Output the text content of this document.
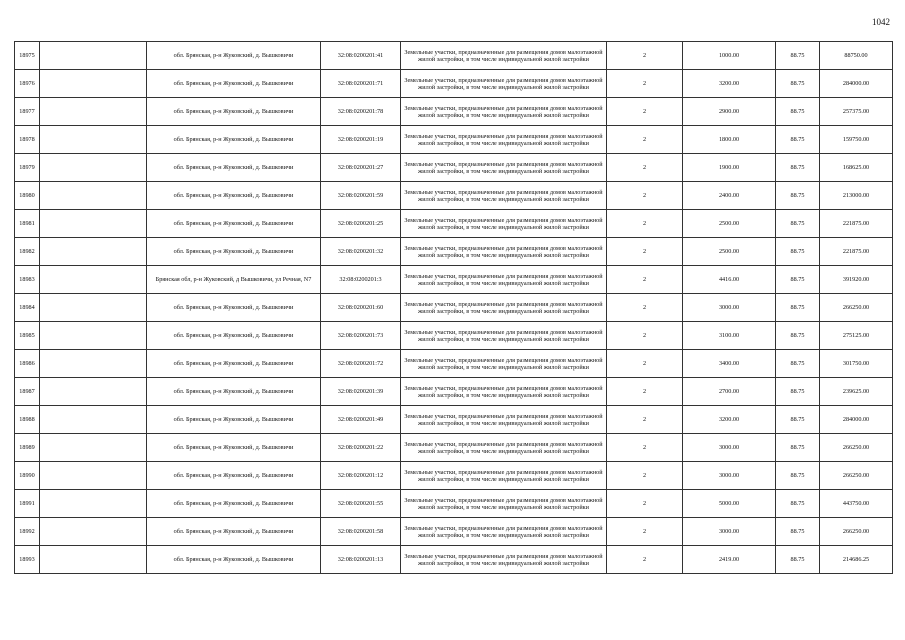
1042
18975		обл. Брянская, р-н Жуковский, д. Вышковичи	32:08:0200201:41	Земельные участки, предназначенные для размещения домов малоэтажной жилой застройки, в том числе индивидуальной жилой застройки	2	1000.00	88.75	88750.00
18976		обл. Брянская, р-н Жуковский, д. Вышковичи	32:08:0200201:71	Земельные участки, предназначенные для размещения домов малоэтажной жилой застройки, в том числе индивидуальной жилой застройки	2	3200.00	88.75	284000.00
18977		обл. Брянская, р-н Жуковский, д. Вышковичи	32:08:0200201:78	Земельные участки, предназначенные для размещения домов малоэтажной жилой застройки, в том числе индивидуальной жилой застройки	2	2900.00	88.75	257375.00
18978		обл. Брянская, р-н Жуковский, д. Вышковичи	32:08:0200201:19	Земельные участки, предназначенные для размещения домов малоэтажной жилой застройки, в том числе индивидуальной жилой застройки	2	1800.00	88.75	159750.00
18979		обл. Брянская, р-н Жуковский, д. Вышковичи	32:08:0200201:27	Земельные участки, предназначенные для размещения домов малоэтажной жилой застройки, в том числе индивидуальной жилой застройки	2	1900.00	88.75	168625.00
18980		обл. Брянская, р-н Жуковский, д. Вышковичи	32:08:0200201:59	Земельные участки, предназначенные для размещения домов малоэтажной жилой застройки, в том числе индивидуальной жилой застройки	2	2400.00	88.75	213000.00
18981		обл. Брянская, р-н Жуковский, д. Вышковичи	32:08:0200201:25	Земельные участки, предназначенные для размещения домов малоэтажной жилой застройки, в том числе индивидуальной жилой застройки	2	2500.00	88.75	221875.00
18982		обл. Брянская, р-н Жуковский, д. Вышковичи	32:08:0200201:32	Земельные участки, предназначенные для размещения домов малоэтажной жилой застройки, в том числе индивидуальной жилой застройки	2	2500.00	88.75	221875.00
18983		Брянская обл, р-н Жуковский, д Вышковичи, ул Речная, N7	32:08:0200201:3	Земельные участки, предназначенные для размещения домов малоэтажной жилой застройки, в том числе индивидуальной жилой застройки	2	4416.00	88.75	391920.00
18984		обл. Брянская, р-н Жуковский, д. Вышковичи	32:08:0200201:60	Земельные участки, предназначенные для размещения домов малоэтажной жилой застройки, в том числе индивидуальной жилой застройки	2	3000.00	88.75	266250.00
18985		обл. Брянская, р-н Жуковский, д. Вышковичи	32:08:0200201:73	Земельные участки, предназначенные для размещения домов малоэтажной жилой застройки, в том числе индивидуальной жилой застройки	2	3100.00	88.75	275125.00
18986		обл. Брянская, р-н Жуковский, д. Вышковичи	32:08:0200201:72	Земельные участки, предназначенные для размещения домов малоэтажной жилой застройки, в том числе индивидуальной жилой застройки	2	3400.00	88.75	301750.00
18987		обл. Брянская, р-н Жуковский, д. Вышковичи	32:08:0200201:39	Земельные участки, предназначенные для размещения домов малоэтажной жилой застройки, в том числе индивидуальной жилой застройки	2	2700.00	88.75	239625.00
18988		обл. Брянская, р-н Жуковский, д. Вышковичи	32:08:0200201:49	Земельные участки, предназначенные для размещения домов малоэтажной жилой застройки, в том числе индивидуальной жилой застройки	2	3200.00	88.75	284000.00
18989		обл. Брянская, р-н Жуковский, д. Вышковичи	32:08:0200201:22	Земельные участки, предназначенные для размещения домов малоэтажной жилой застройки, в том числе индивидуальной жилой застройки	2	3000.00	88.75	266250.00
18990		обл. Брянская, р-н Жуковский, д. Вышковичи	32:08:0200201:12	Земельные участки, предназначенные для размещения домов малоэтажной жилой застройки, в том числе индивидуальной жилой застройки	2	3000.00	88.75	266250.00
18991		обл. Брянская, р-н Жуковский, д. Вышковичи	32:08:0200201:55	Земельные участки, предназначенные для размещения домов малоэтажной жилой застройки, в том числе индивидуальной жилой застройки	2	5000.00	88.75	443750.00
18992		обл. Брянская, р-н Жуковский, д. Вышковичи	32:08:0200201:58	Земельные участки, предназначенные для размещения домов малоэтажной жилой застройки, в том числе индивидуальной жилой застройки	2	3000.00	88.75	266250.00
18993		обл. Брянская, р-н Жуковский, д. Вышковичи	32:08:0200201:13	Земельные участки, предназначенные для размещения домов малоэтажной жилой застройки, в том числе индивидуальной жилой застройки	2	2419.00	88.75	214686.25
